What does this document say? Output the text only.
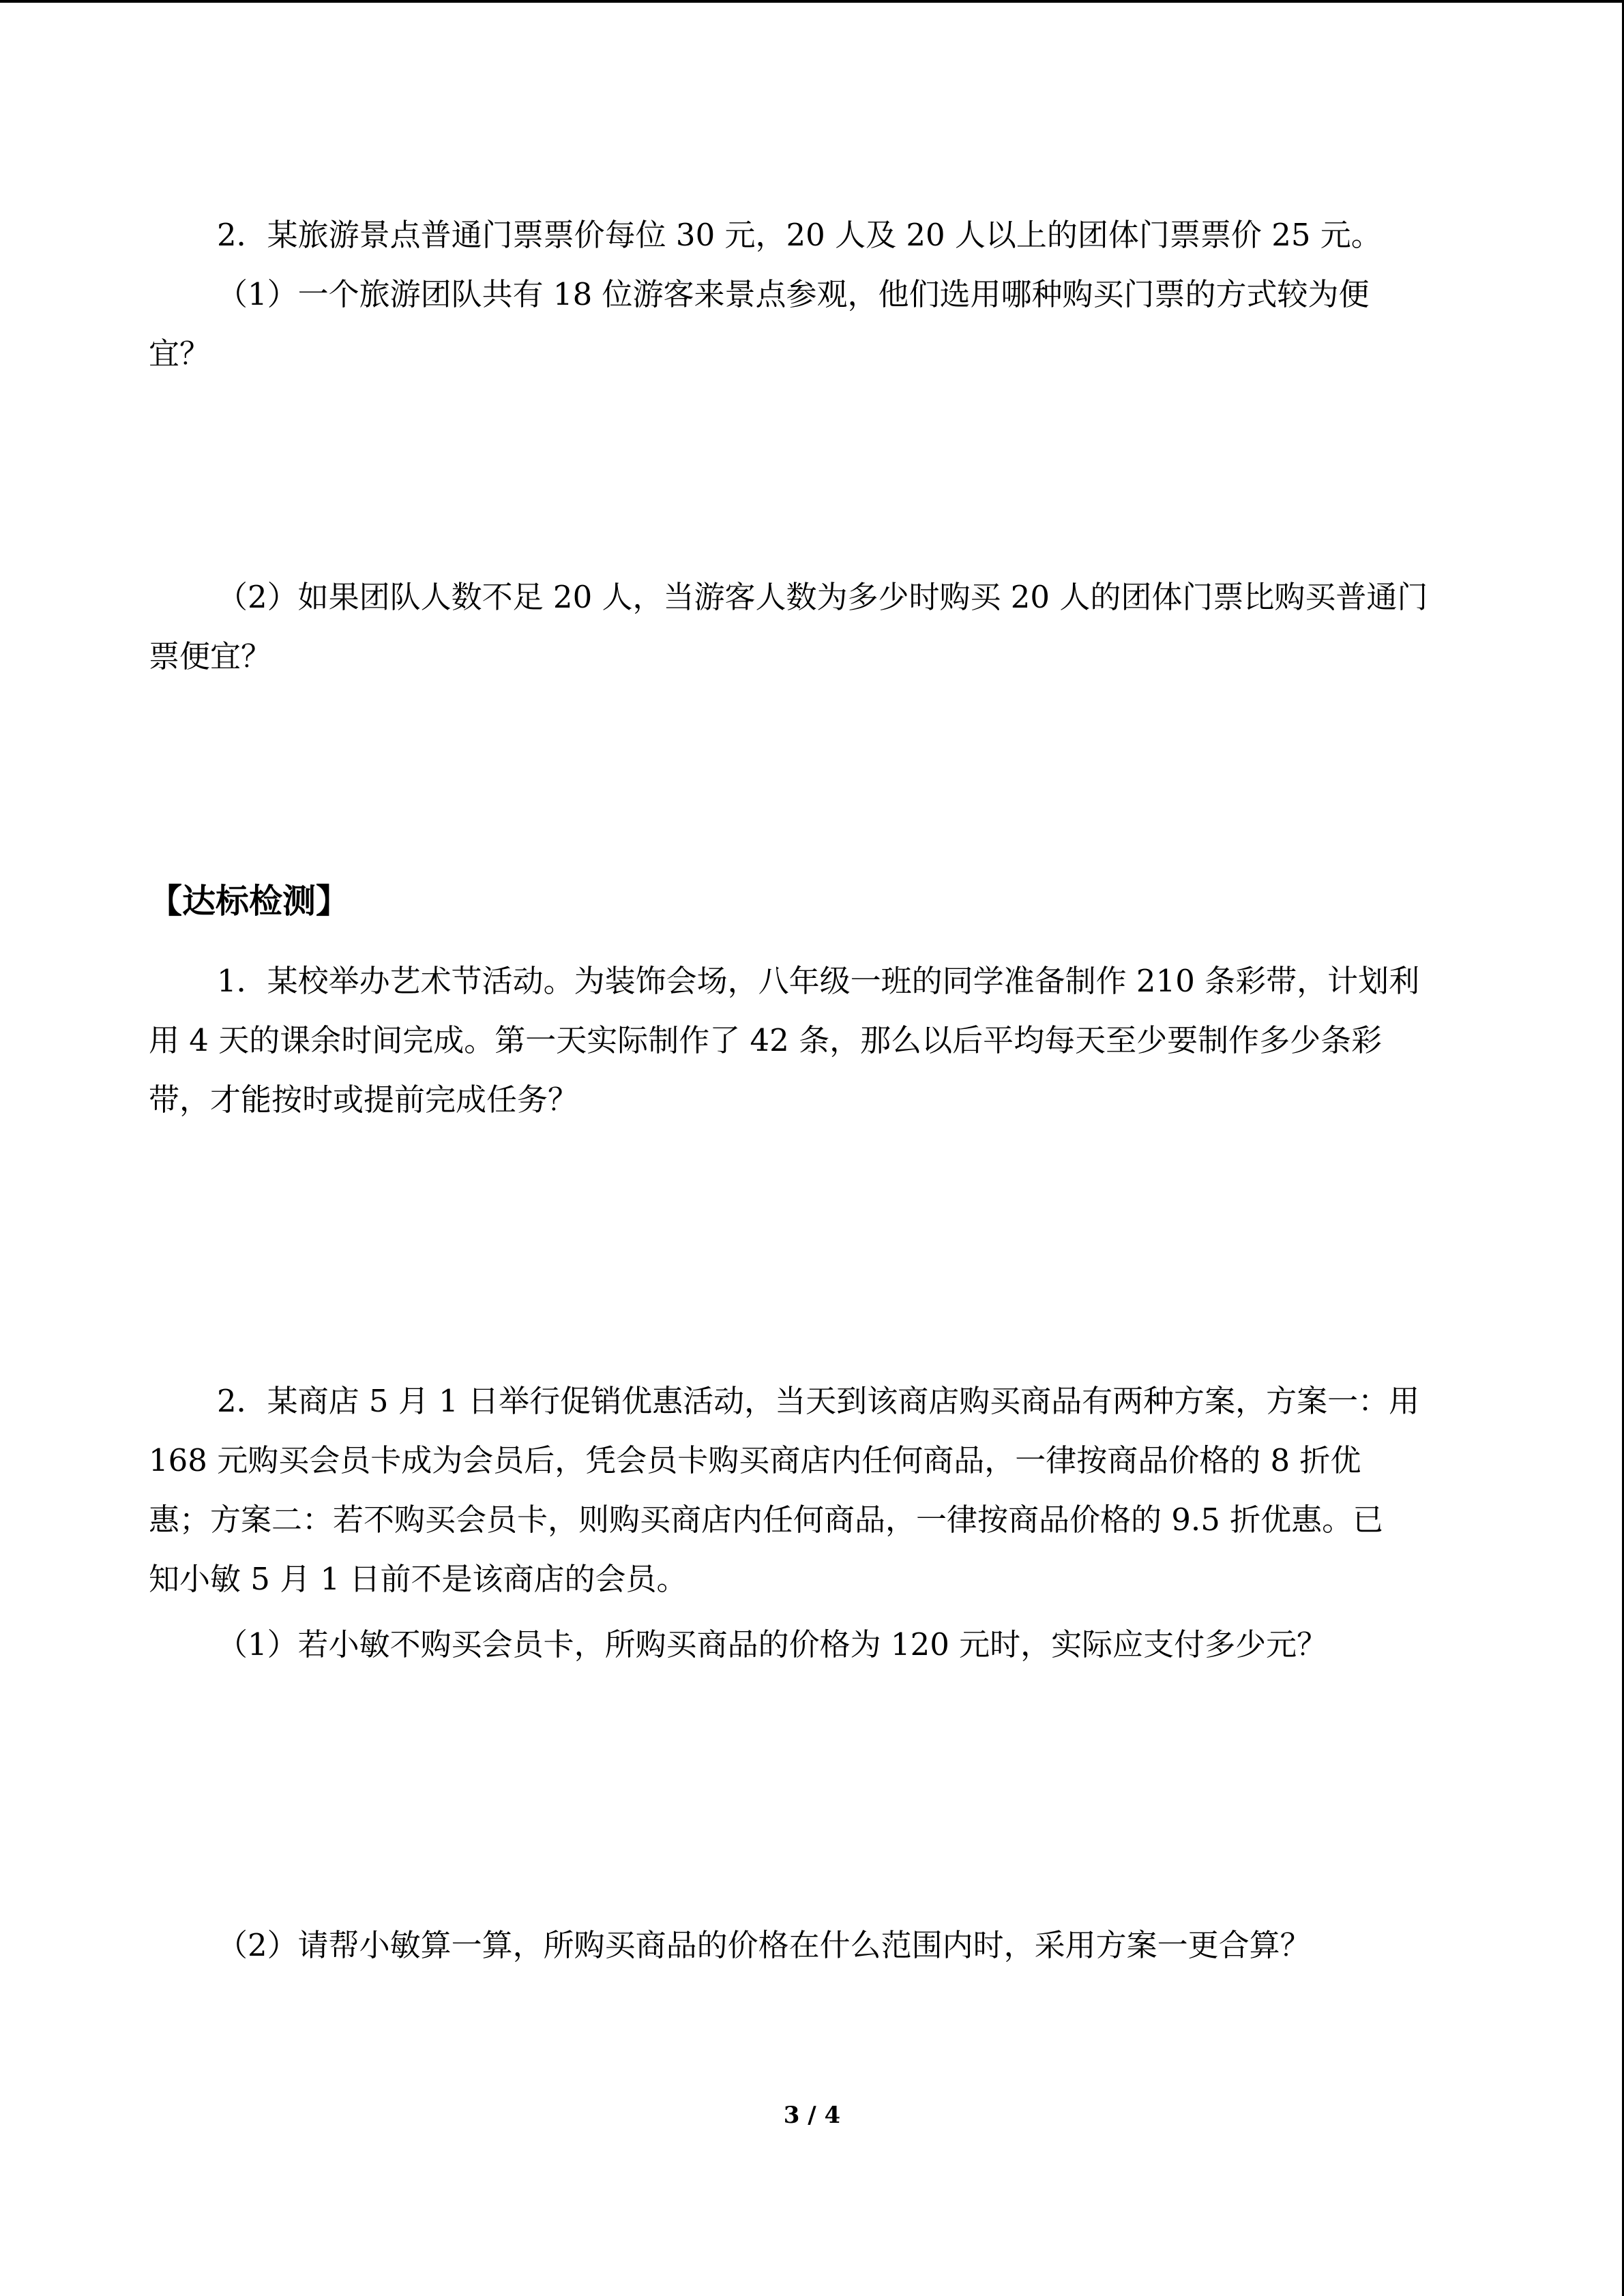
2．某旅游景点普通门票票价每位 30 元，20 人及 20 人以上的团体门票票价 25 元。
（1）一个旅游团队共有 18 位游客来景点参观，他们选用哪种购买门票的方式较为便
宜？
（2）如果团队人数不足 20 人，当游客人数为多少时购买 20 人的团体门票比购买普通门
票便宜？
【达标检测】
1．某校举办艺术节活动。为装饰会场，八年级一班的同学准备制作 210 条彩带，计划利
用 4 天的课余时间完成。第一天实际制作了 42 条，那么以后平均每天至少要制作多少条彩
带，才能按时或提前完成任务？
2．某商店 5 月 1 日举行促销优惠活动，当天到该商店购买商品有两种方案，方案一：用
168 元购买会员卡成为会员后，凭会员卡购买商店内任何商品，一律按商品价格的 8 折优
惠；方案二：若不购买会员卡，则购买商店内任何商品，一律按商品价格的 9.5 折优惠。已
知小敏 5 月 1 日前不是该商店的会员。
（1）若小敏不购买会员卡，所购买商品的价格为 120 元时，实际应支付多少元？
（2）请帮小敏算一算，所购买商品的价格在什么范围内时，采用方案一更合算？
3 / 4
